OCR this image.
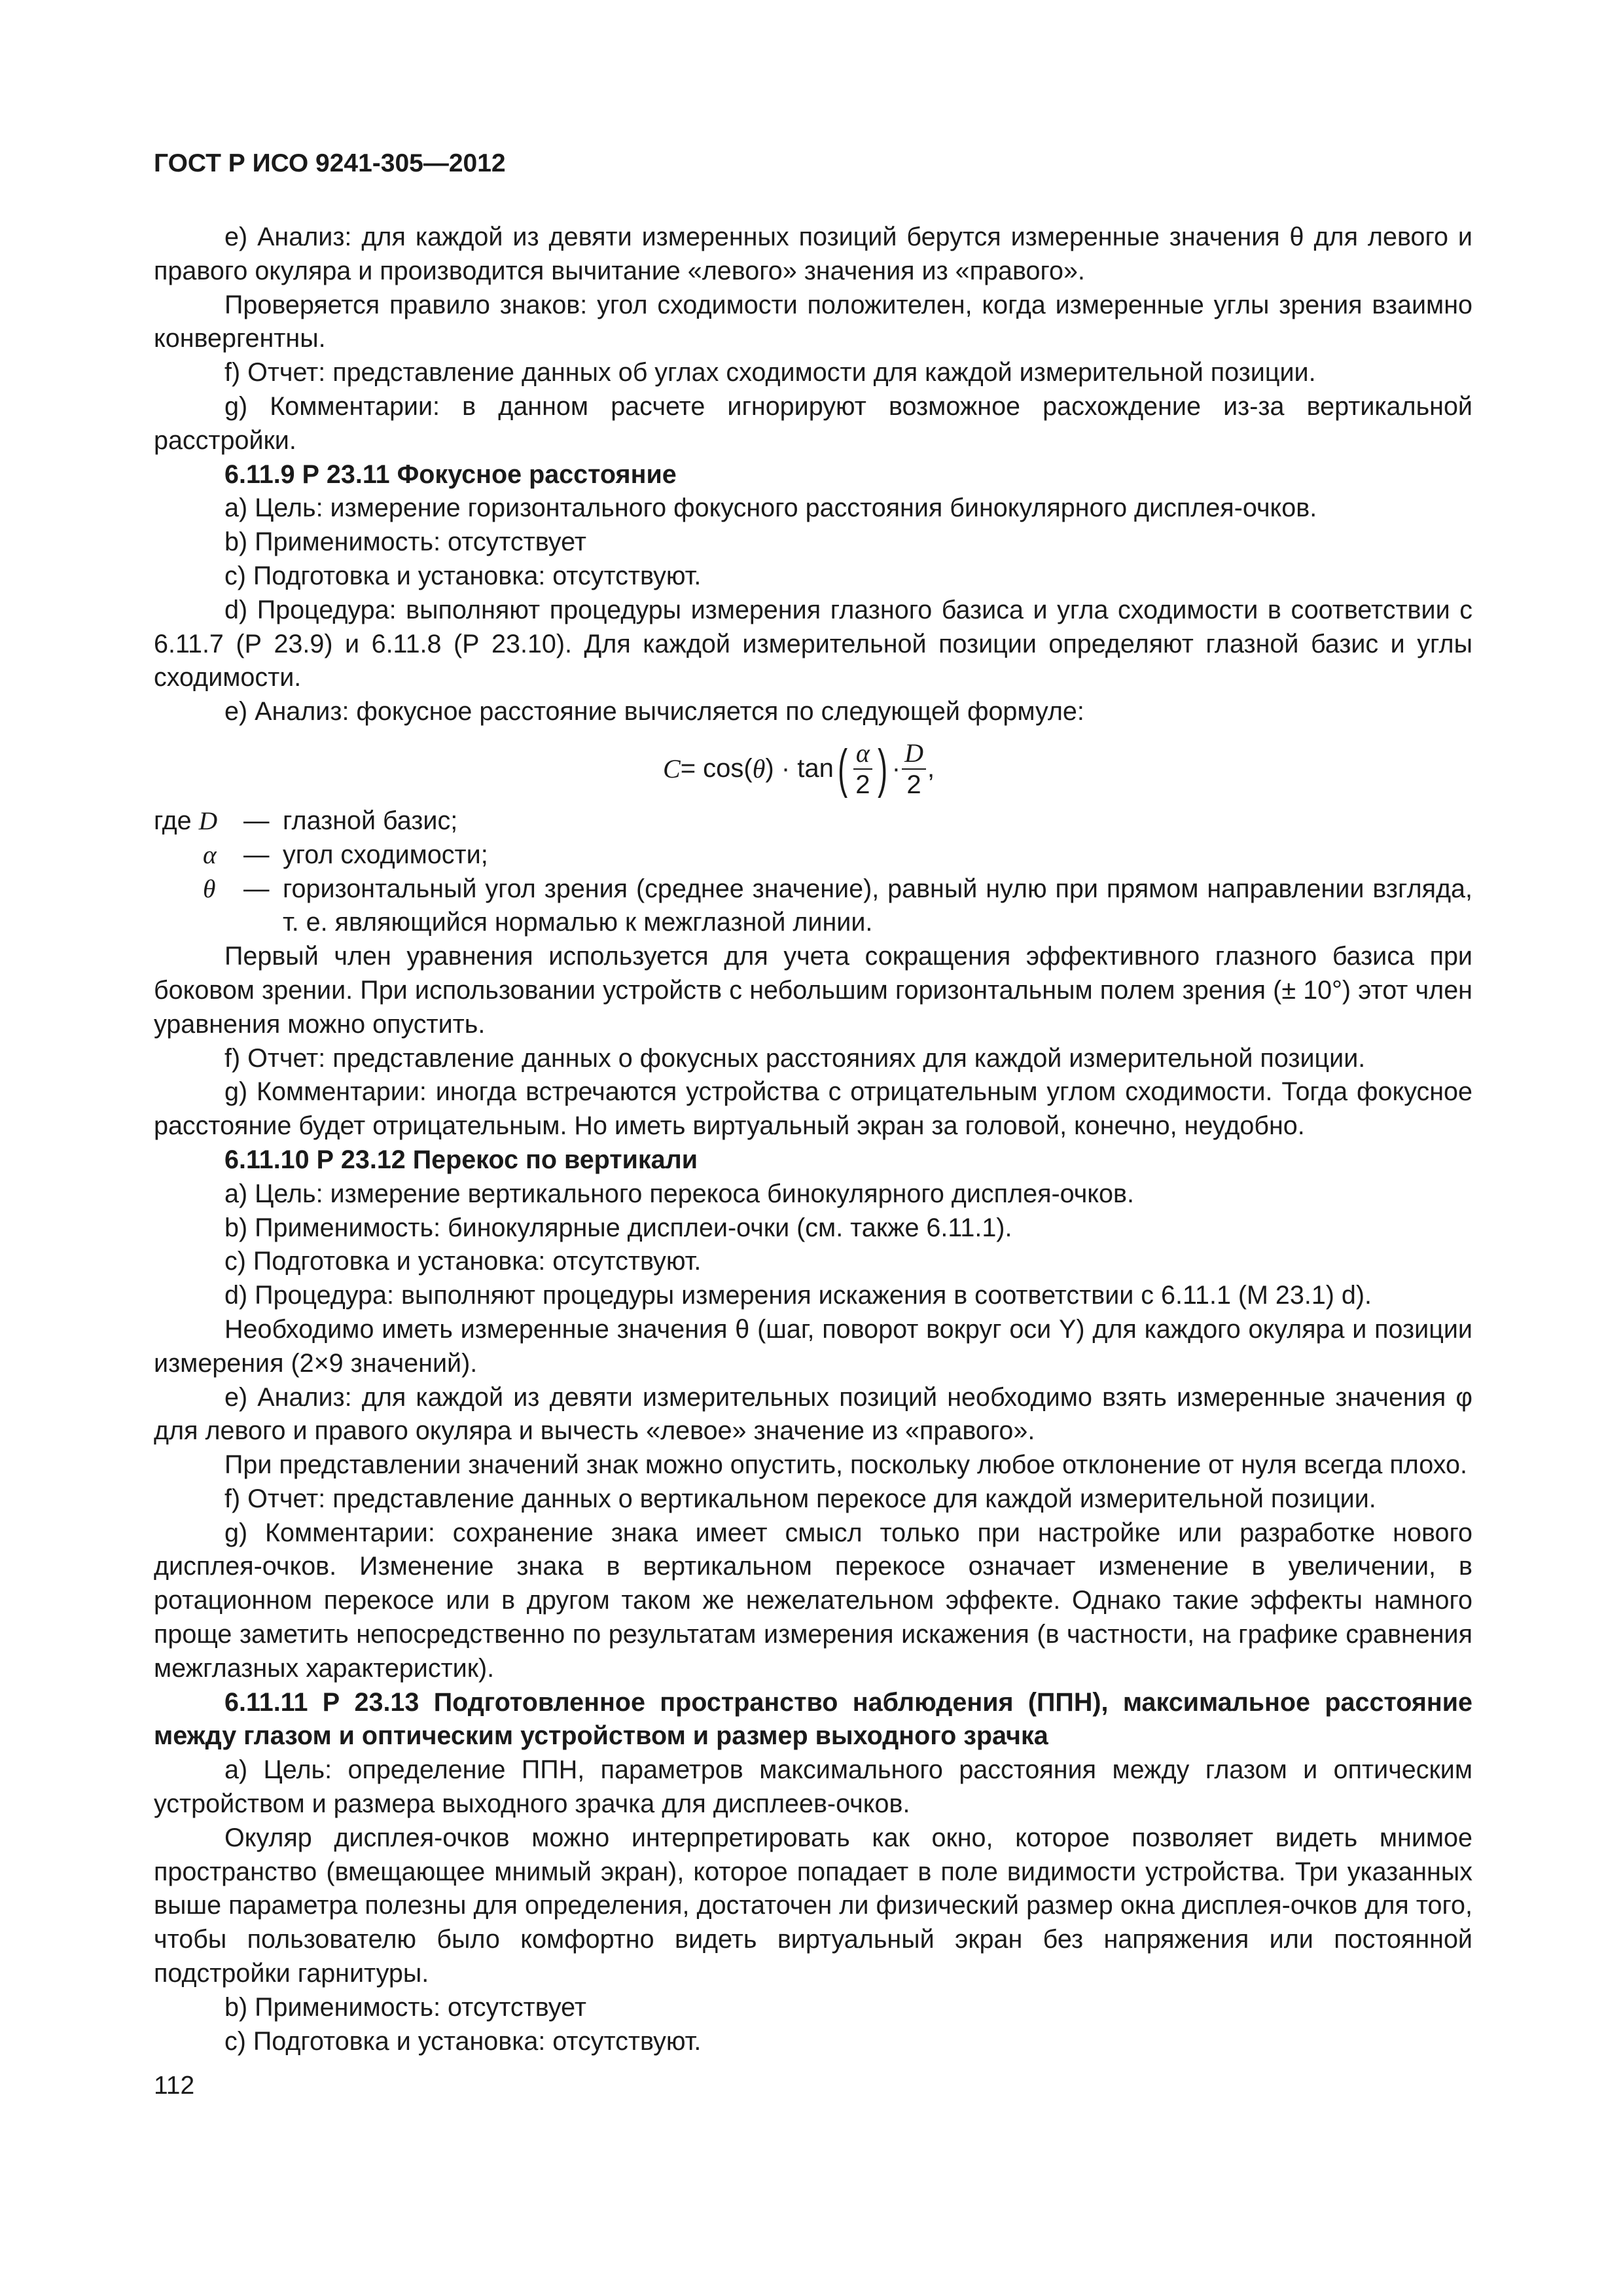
ГОСТ Р ИСО 9241-305—2012

е) Анализ: для каждой из девяти измеренных позиций берутся измеренные значения θ для левого и правого окуляра и производится вычитание «левого» значения из «правого».

Проверяется правило знаков: угол сходимости положителен, когда измеренные углы зрения взаимно конвергентны.

f) Отчет: представление данных об углах сходимости для каждой измерительной позиции.

g) Комментарии: в данном расчете игнорируют возможное расхождение из-за вертикальной расстройки.

6.11.9 Р 23.11 Фокусное расстояние

a) Цель: измерение горизонтального фокусного расстояния бинокулярного дисплея-очков.

b) Применимость: отсутствует

c) Подготовка и установка: отсутствуют.

d) Процедура: выполняют процедуры измерения глазного базиса и угла сходимости в соответствии с 6.11.7 (Р 23.9) и 6.11.8 (Р 23.10). Для каждой измерительной позиции определяют глазной базис и углы сходимости.

е) Анализ: фокусное расстояние вычисляется по следующей формуле:

C = cos( θ ) · tan ( $\frac{\alpha}{2}$ ) · $\frac{D}{2}$ ,
где D	— глазной базис;
α	— угол сходимости;
θ	— горизонтальный угол зрения (среднее значение), равный нулю при прямом направлении взгляда, т. е. являющийся нормалью к межглазной линии.

Первый член уравнения используется для учета сокращения эффективного глазного базиса при боковом зрении. При использовании устройств с небольшим горизонтальным полем зрения (± 10°) этот член уравнения можно опустить.

f) Отчет: представление данных о фокусных расстояниях для каждой измерительной позиции.

g) Комментарии: иногда встречаются устройства с отрицательным углом сходимости. Тогда фокусное расстояние будет отрицательным. Но иметь виртуальный экран за головой, конечно, неудобно.

6.11.10 Р 23.12 Перекос по вертикали

a) Цель: измерение вертикального перекоса бинокулярного дисплея-очков.

b) Применимость: бинокулярные дисплеи-очки (см. также 6.11.1).

c) Подготовка и установка: отсутствуют.

d) Процедура: выполняют процедуры измерения искажения в соответствии с 6.11.1 (М 23.1) d).

Необходимо иметь измеренные значения θ (шаг, поворот вокруг оси Y) для каждого окуляра и позиции измерения (2×9 значений).

е) Анализ: для каждой из девяти измерительных позиций необходимо взять измеренные значения φ для левого и правого окуляра и вычесть «левое» значение из «правого».

При представлении значений знак можно опустить, поскольку любое отклонение от нуля всегда плохо.

f) Отчет: представление данных о вертикальном перекосе для каждой измерительной позиции.

g) Комментарии: сохранение знака имеет смысл только при настройке или разработке нового дисплея-очков. Изменение знака в вертикальном перекосе означает изменение в увеличении, в ротационном перекосе или в другом таком же нежелательном эффекте. Однако такие эффекты намного проще заметить непосредственно по результатам измерения искажения (в частности, на графике сравнения межглазных характеристик).

6.11.11 Р 23.13 Подготовленное пространство наблюдения (ППН), максимальное расстояние между глазом и оптическим устройством и размер выходного зрачка

a) Цель: определение ППН, параметров максимального расстояния между глазом и оптическим устройством и размера выходного зрачка для дисплеев-очков.

Окуляр дисплея-очков можно интерпретировать как окно, которое позволяет видеть мнимое пространство (вмещающее мнимый экран), которое попадает в поле видимости устройства. Три указанных выше параметра полезны для определения, достаточен ли физический размер окна дисплея-очков для того, чтобы пользователю было комфортно видеть виртуальный экран без напряжения или постоянной подстройки гарнитуры.

b) Применимость: отсутствует

c) Подготовка и установка: отсутствуют.

112
